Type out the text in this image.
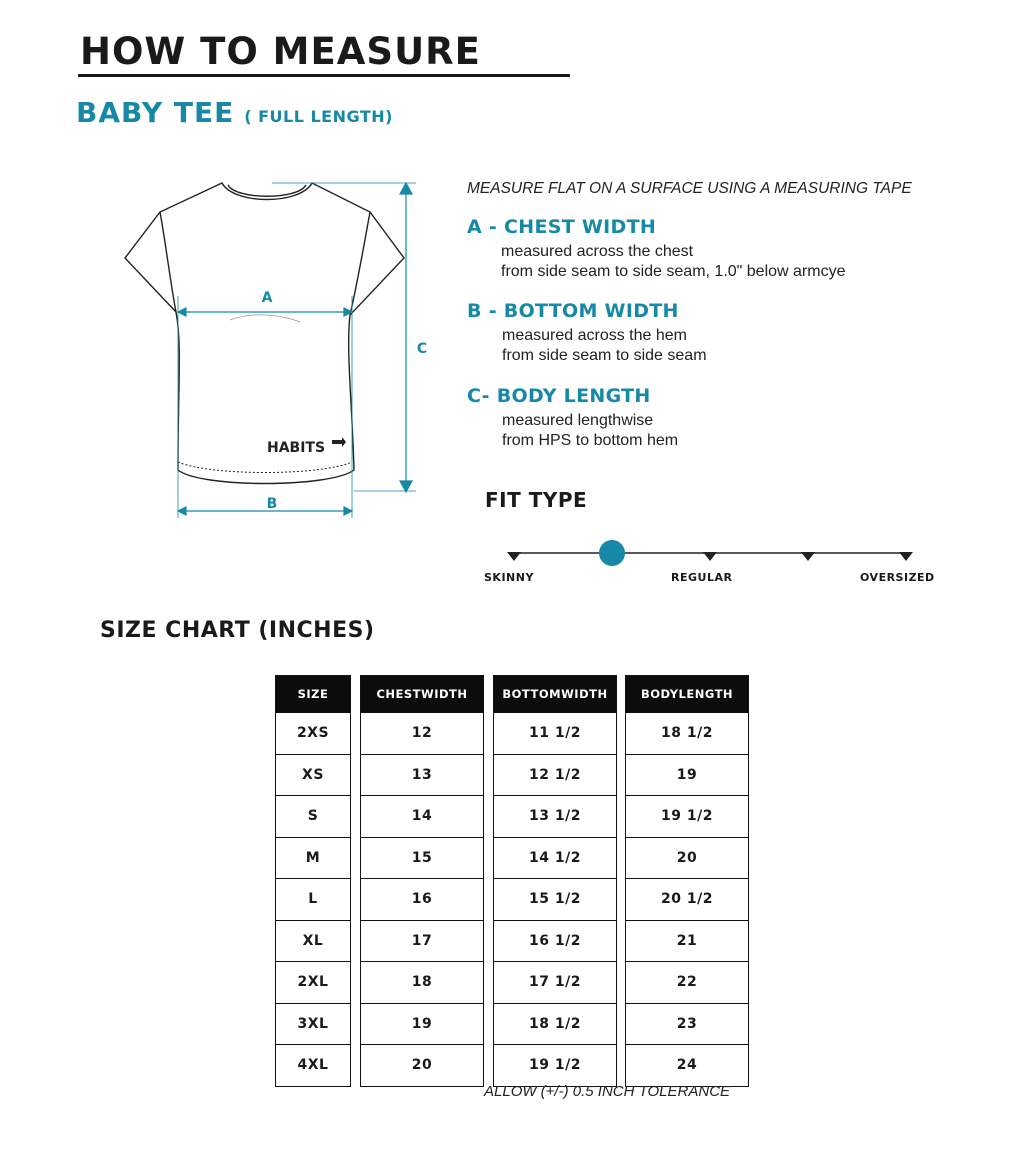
HOW TO MEASURE
BABY TEE ( FULL LENGTH)
A
B
C
HABITS
MEASURE FLAT ON A SURFACE USING A MEASURING TAPE
A - CHEST WIDTH
measured across the chest
from side seam to side seam, 1.0" below armcye
B - BOTTOM WIDTH
measured across the hem
from side seam to side seam
C- BODY LENGTH
measured lengthwise
from HPS to bottom hem
FIT TYPE
SKINNY	REGULAR	OVERSIZED
SIZE CHART (INCHES)
SIZE
2XS
XS
S
M
L
XL
2XL
3XL
4XL
CHEST WIDTH
12
13
14
15
16
17
18
19
20
BOTTOM WIDTH
11 1/2
12 1/2
13 1/2
14 1/2
15 1/2
16 1/2
17 1/2
18 1/2
19 1/2
BODY LENGTH
18 1/2
19
19 1/2
20
20 1/2
21
22
23
24
ALLOW (+/-) 0.5 INCH TOLERANCE
